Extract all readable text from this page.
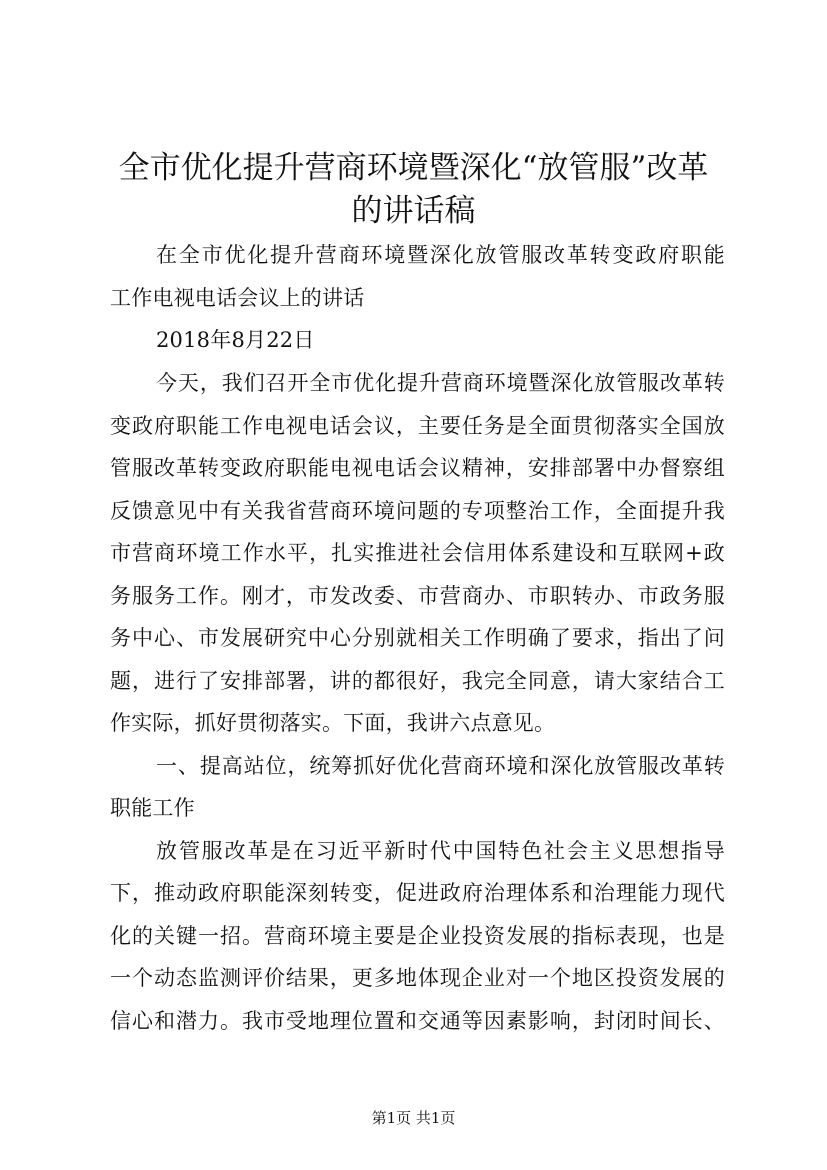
全市优化提升营商环境暨深化“放管服”改革
的讲话稿
在全市优化提升营商环境暨深化放管服改革转变政府职能
工作电视电话会议上的讲话
2018年8月22日
今天，我们召开全市优化提升营商环境暨深化放管服改革转
变政府职能工作电视电话会议，主要任务是全面贯彻落实全国放
管服改革转变政府职能电视电话会议精神，安排部署中办督察组
反馈意见中有关我省营商环境问题的专项整治工作，全面提升我
市营商环境工作水平，扎实推进社会信用体系建设和互联网+政
务服务工作。刚才，市发改委、市营商办、市职转办、市政务服
务中心、市发展研究中心分别就相关工作明确了要求，指出了问
题，进行了安排部署，讲的都很好，我完全同意，请大家结合工
作实际，抓好贯彻落实。下面，我讲六点意见。
一、提高站位，统筹抓好优化营商环境和深化放管服改革转
职能工作
放管服改革是在习近平新时代中国特色社会主义思想指导
下，推动政府职能深刻转变，促进政府治理体系和治理能力现代
化的关键一招。营商环境主要是企业投资发展的指标表现，也是
一个动态监测评价结果，更多地体现企业对一个地区投资发展的
信心和潜力。我市受地理位置和交通等因素影响，封闭时间长、
第1页 共1页
